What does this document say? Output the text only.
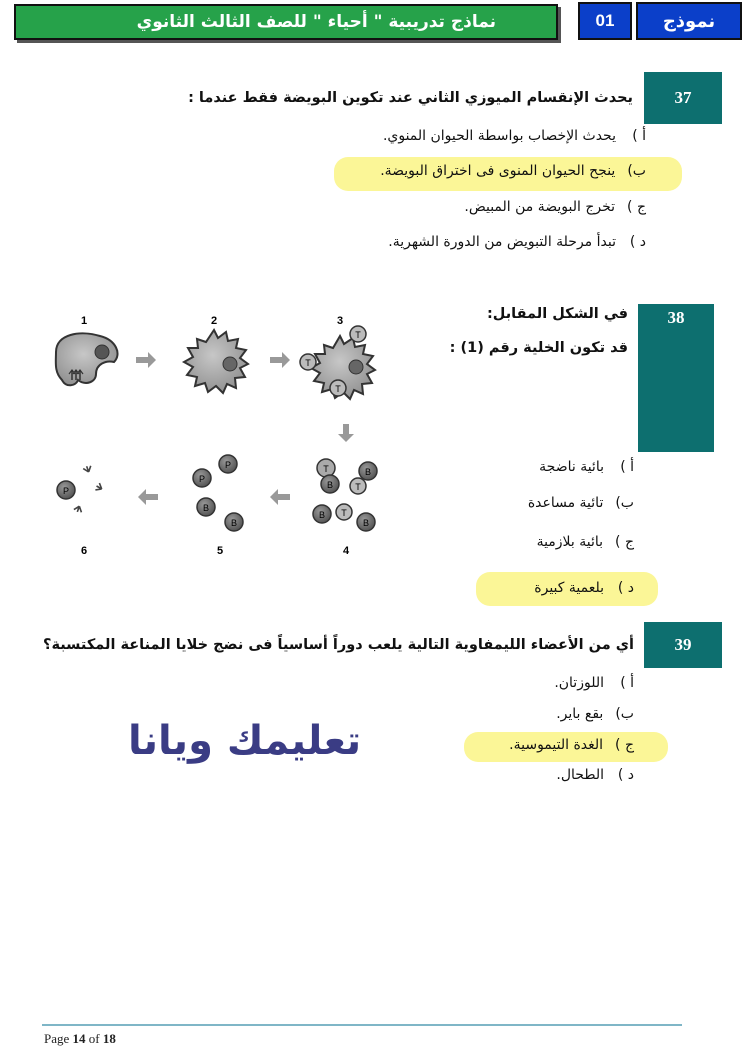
نماذج تدريبية " أحياء " للصف الثالث الثانوي	01	نموذج
37
يحدث الإنقسام الميوزي الثاني عند تكوين البويضة فقط عندما :
أ )
يحدث الإخصاب بواسطة الحيوان المنوي.
ب)
ينجح الحيوان المنوى فى اختراق البويضة.
ج )
تخرج البويضة من المبيض.
د )
تبدأ مرحلة التبويض من الدورة الشهرية.
38
في الشكل المقابل:
قد تكون الخلية رقم (1) :
1	2	3
4
5
6
T
T
T
T	B
B T
B T
B
P
P
B
B
P
أ )
بائية ناضجة
ب)
تائية مساعدة
ج )
بائية بلازمية
د )
بلعمية كبيرة
39
أي من الأعضاء الليمفاوية التالية يلعب دوراً أساسياً فى نضج خلايا المناعة المكتسبة؟
أ )
اللوزتان.
ب)
بقع باير.
ج )
الغدة التيموسية.
د )
الطحال.
تعليمك ويانا
Page 14 of 18
